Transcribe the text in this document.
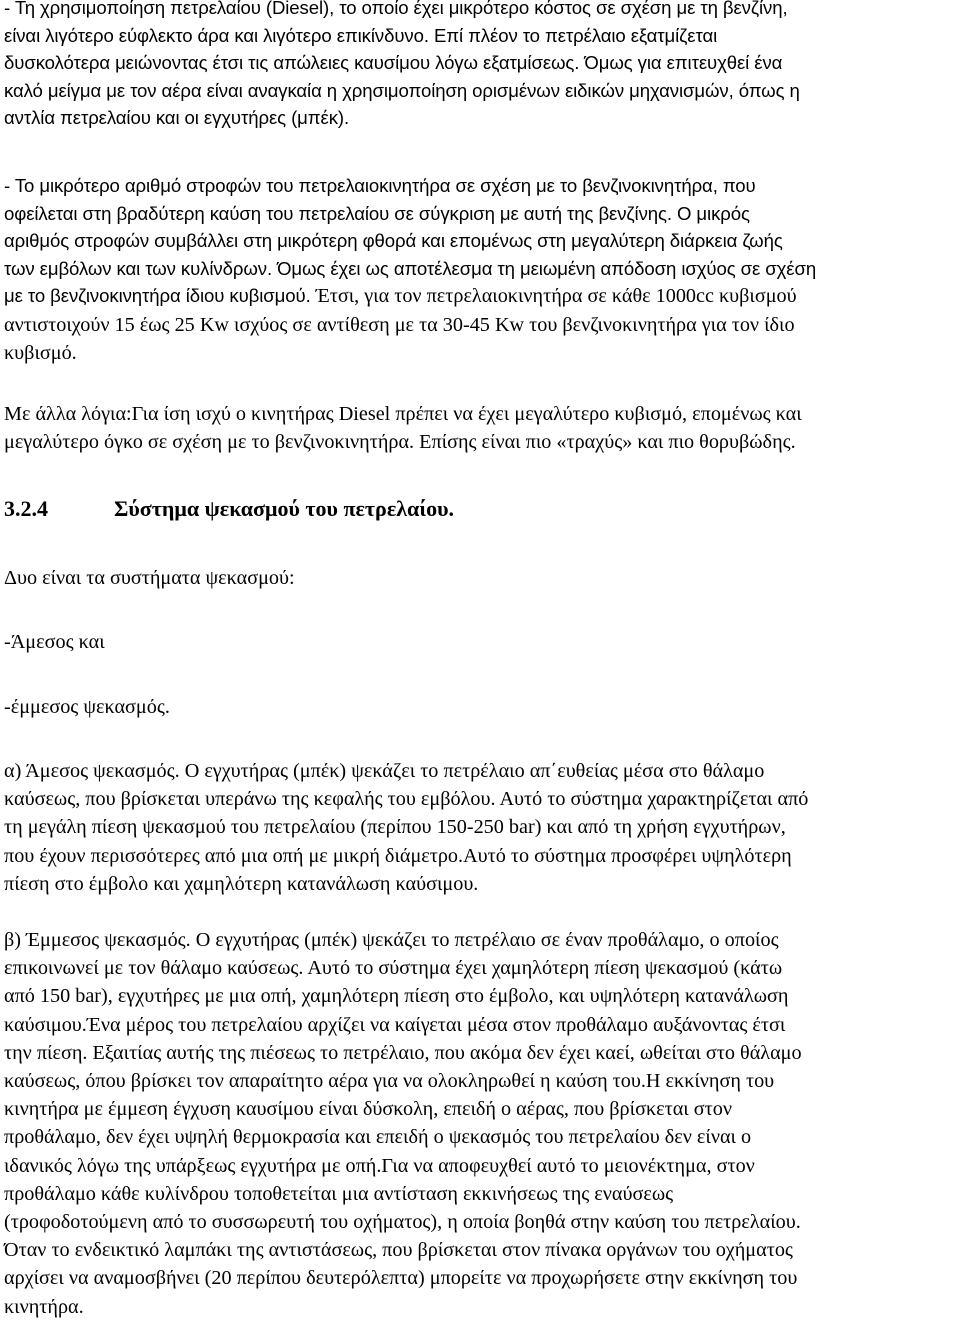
- Τη χρησιμοποίηση πετρελαίου (Diesel), το οποίο έχει μικρότερο κόστος σε σχέση με τη βενζίνη,
είναι λιγότερο εύφλεκτο άρα και λιγότερο επικίνδυνο. Επί πλέον το πετρέλαιο εξατμίζεται
δυσκολότερα μειώνοντας έτσι τις απώλειες καυσίμου λόγω εξατμίσεως. Όμως για επιτευχθεί ένα
καλό μείγμα με τον αέρα είναι αναγκαία η χρησιμοποίηση ορισμένων ειδικών μηχανισμών, όπως η
αντλία πετρελαίου και οι εγχυτήρες (μπέκ).
- Το μικρότερο αριθμό στροφών του πετρελαιοκινητήρα σε σχέση με το βενζινοκινητήρα, που
οφείλεται στη βραδύτερη καύση του πετρελαίου σε σύγκριση με αυτή της βενζίνης. Ο μικρός
αριθμός στροφών συμβάλλει στη μικρότερη φθορά και επομένως στη μεγαλύτερη διάρκεια ζωής
των εμβόλων και των κυλίνδρων. Όμως έχει ως αποτέλεσμα τη μειωμένη απόδοση ισχύος σε σχέση
με το βενζινοκινητήρα ίδιου κυβισμού. Έτσι, για τον πετρελαιοκινητήρα σε κάθε 1000cc κυβισμού
αντιστοιχούν 15 έως 25 Kw ισχύος σε αντίθεση με τα 30-45 Kw του βενζινοκινητήρα για τον ίδιο
κυβισμό.
Με άλλα λόγια:Για ίση ισχύ ο κινητήρας Diesel πρέπει να έχει μεγαλύτερο κυβισμό, επομένως και
μεγαλύτερο όγκο σε σχέση με το βενζινοκινητήρα. Επίσης είναι πιο «τραχύς» και πιο θορυβώδης.
3.2.4	Σύστημα ψεκασμού του πετρελαίου.
Δυο είναι τα συστήματα ψεκασμού:
-Άμεσος και
-έμμεσος ψεκασμός.
α) Άμεσος ψεκασμός. Ο εγχυτήρας (μπέκ) ψεκάζει το πετρέλαιο απ΄ευθείας μέσα στο θάλαμο
καύσεως, που βρίσκεται υπεράνω της κεφαλής του εμβόλου. Αυτό το σύστημα χαρακτηρίζεται από
τη μεγάλη πίεση ψεκασμού του πετρελαίου (περίπου 150-250 bar) και από τη χρήση εγχυτήρων,
που έχουν περισσότερες από μια οπή με μικρή διάμετρο.Αυτό το σύστημα προσφέρει υψηλότερη
πίεση στο έμβολο και χαμηλότερη κατανάλωση καύσιμου.
β) Έμμεσος ψεκασμός. Ο εγχυτήρας (μπέκ) ψεκάζει το πετρέλαιο σε έναν προθάλαμο, ο οποίος
επικοινωνεί με τον θάλαμο καύσεως. Αυτό το σύστημα έχει χαμηλότερη πίεση ψεκασμού (κάτω
από 150 bar), εγχυτήρες με μια οπή, χαμηλότερη πίεση στο έμβολο, και υψηλότερη κατανάλωση
καύσιμου.Ένα μέρος του πετρελαίου αρχίζει να καίγεται μέσα στον προθάλαμο αυξάνοντας έτσι
την πίεση. Εξαιτίας αυτής της πιέσεως το πετρέλαιο, που ακόμα δεν έχει καεί, ωθείται στο θάλαμο
καύσεως, όπου βρίσκει τον απαραίτητο αέρα για να ολοκληρωθεί η καύση του.Η εκκίνηση του
κινητήρα με έμμεση έγχυση καυσίμου είναι δύσκολη, επειδή ο αέρας, που βρίσκεται στον
προθάλαμο, δεν έχει υψηλή θερμοκρασία και επειδή ο ψεκασμός του πετρελαίου δεν είναι ο
ιδανικός λόγω της υπάρξεως εγχυτήρα με οπή.Για να αποφευχθεί αυτό το μειονέκτημα, στον
προθάλαμο κάθε κυλίνδρου τοποθετείται μια αντίσταση εκκινήσεως της εναύσεως
(τροφοδοτούμενη από το συσσωρευτή του οχήματος), η οποία βοηθά στην καύση του πετρελαίου.
Όταν το ενδεικτικό λαμπάκι της αντιστάσεως, που βρίσκεται στον πίνακα οργάνων του οχήματος
αρχίσει να αναμοσβήνει (20 περίπου δευτερόλεπτα) μπορείτε να προχωρήσετε στην εκκίνηση του
κινητήρα.
